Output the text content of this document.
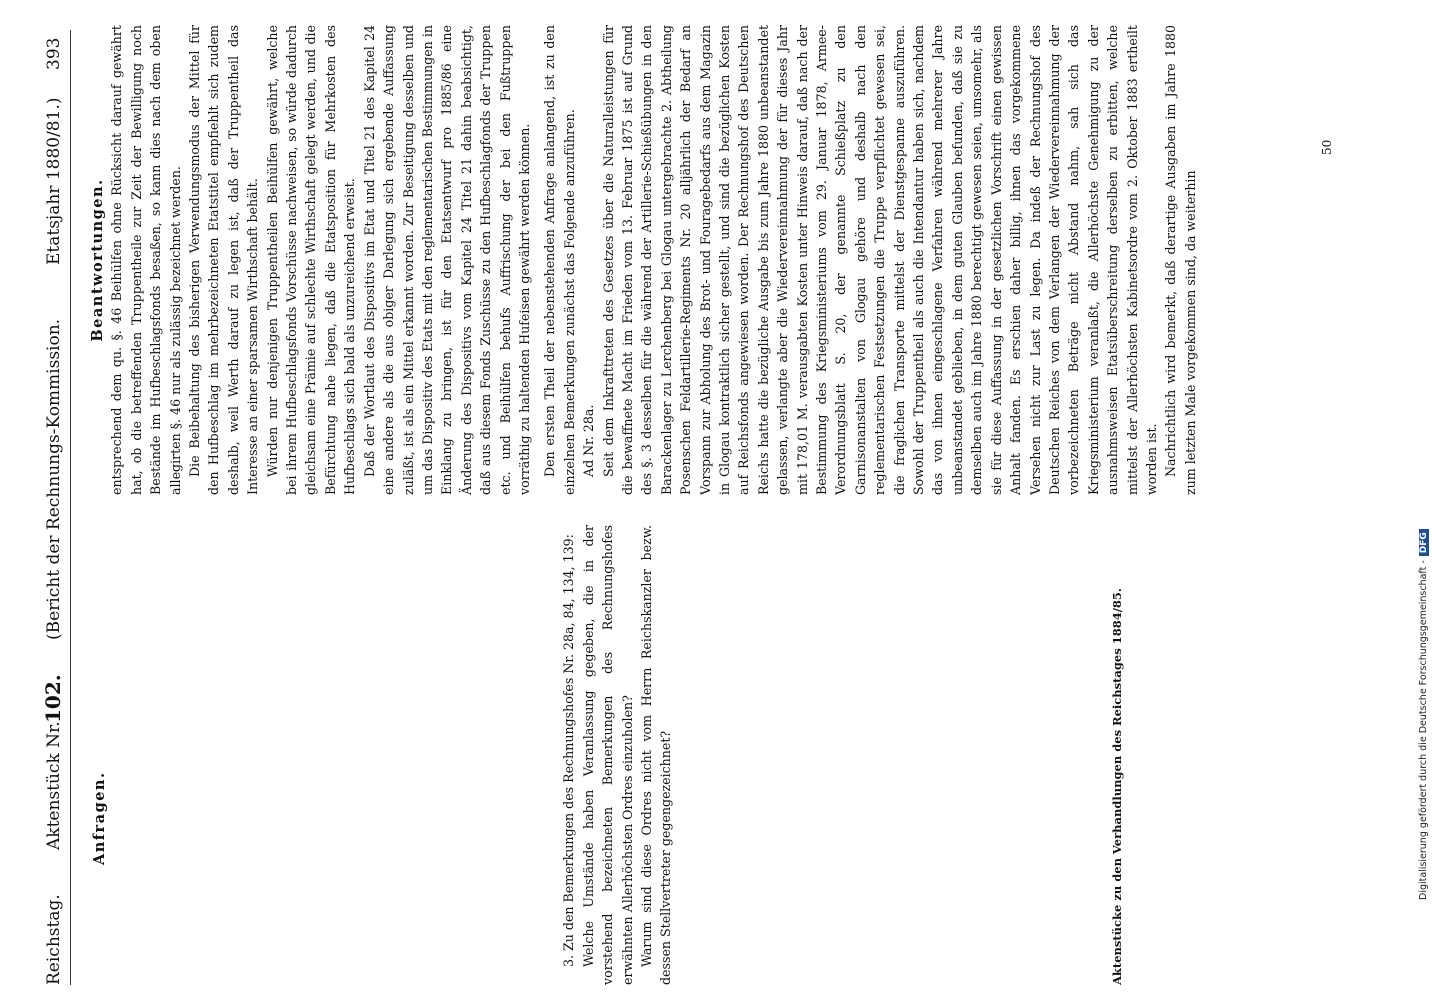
Digitalisierung gefördert durch die Deutsche Forschungsgemeinschaft -DFG
Reichstag.
Aktenstück Nr.
102.
(Bericht der Rechnungs-Kommission.
Etatsjahr 1880/81.)
393
Anfragen.

3. Zu den Bemerkungen des Rechnungshofes Nr. 28a, 84, 134, 139: Welche Umstände haben Veranlassung gegeben, die in der vorstehend bezeichneten Bemerkungen des Rechnungshofes erwähnten Allerhöchsten Ordres einzuholen? Warum sind diese Ordres nicht vom Herrn Reichskanzler bezw. dessen Stellvertreter gegengezeichnet?

Beantwortungen. entsprechend dem qu. §. 46 Beihülfen ohne Rücksicht darauf gewährt hat, ob die betreffenden Truppentheile zur Zeit der Bewilligung noch Bestände im Hufbeschlagsfonds besaßen, so kann dies nach dem oben allegirten §. 46 nur als zulässig bezeichnet werden. Die Beibehaltung des bisherigen Verwendungsmodus der Mittel für den Hufbeschlag im mehrbezeichneten Etatstitel empfiehlt sich zudem deshalb, weil Werth darauf zu legen ist, daß der Truppentheil das Interesse an einer sparsamen Wirthschaft behält. Würden nur denjenigen Truppentheilen Beihülfen gewährt, welche bei ihrem Hufbeschlagsfonds Vorschüsse nachweisen, so würde dadurch gleichsam eine Prämie auf schlechte Wirthschaft gelegt werden, und die Befürchtung nahe liegen, daß die Etatsposition für Mehrkosten des Hufbeschlags sich bald als unzureichend erweist. Daß der Wortlaut des Dispositivs im Etat und Titel 21 des Kapitel 24 eine andere als die aus obiger Darlegung sich ergebende Auffassung zuläßt, ist als ein Mittel erkannt worden. Zur Beseitigung desselben und um das Dispositiv des Etats mit den reglementarischen Bestimmungen in Einklang zu bringen, ist für den Etatsentwurf pro 1885/86 eine Änderung des Dispositivs vom Kapitel 24 Titel 21 dahin beabsichtigt, daß aus diesem Fonds Zuschüsse zu den Hufbeschlagfonds der Truppen etc. und Beihülfen behufs Auffrischung der bei den Fußtruppen vorräthig zu haltenden Hufeisen gewährt werden können. Den ersten Theil der nebenstehenden Anfrage anlangend, ist zu den einzelnen Bemerkungen zunächst das Folgende anzuführen. Ad Nr. 28a. Seit dem Inkrafttreten des Gesetzes über die Naturalleistungen für die bewaffnete Macht im Frieden vom 13. Februar 1875 ist auf Grund des §. 3 desselben für die während der Artillerie-Schießübungen in den Barackenlager zu Lerchenberg bei Glogau untergebrachte 2. Abtheilung Posenschen Feldartillerie-Regiments Nr. 20 alljährlich der Bedarf an Vorspann zur Abholung des Brot- und Fouragebedarfs aus dem Magazin in Glogau kontraktlich sicher gestellt, und sind die bezüglichen Kosten auf Reichsfonds angewiesen worden. Der Rechnungshof des Deutschen Reichs hatte die bezügliche Ausgabe bis zum Jahre 1880 unbeanstandet gelassen, verlangte aber die Wiedervereinnahmung der für dieses Jahr mit 178,01 M. verausgabten Kosten unter Hinweis darauf, daß nach der Bestimmung des Kriegsministeriums vom 29. Januar 1878, Armee-Verordnungsblatt S. 20, der genannte Schießplatz zu den Garnisonanstalten von Glogau gehöre und deshalb nach den reglementarischen Festsetzungen die Truppe verpflichtet gewesen sei, die fraglichen Transporte mittelst der Dienstgespanne auszuführen. Sowohl der Truppentheil als auch die Intendantur haben sich, nachdem das von ihnen eingeschlagene Verfahren während mehrerer Jahre unbeanstandet geblieben, in dem guten Glauben befunden, daß sie zu demselben auch im Jahre 1880 berechtigt gewesen seien, umsomehr, als sie für diese Auffassung in der gesetzlichen Vorschrift einen gewissen Anhalt fanden. Es erschien daher billig, ihnen das vorgekommene Versehen nicht zur Last zu legen. Da indeß der Rechnungshof des Deutschen Reiches von dem Verlangen der Wiedervereinnahmung der vorbezeichneten Beträge nicht Abstand nahm, sah sich das Kriegsministerium veranlaßt, die Allerhöchste Genehmigung zu der ausnahmsweisen Etatsüberschreitung derselben zu erbitten, welche mittelst der Allerhöchsten Kabinetsordre vom 2. Oktober 1883 ertheilt worden ist. Nachrichtlich wird bemerkt, daß derartige Ausgaben im Jahre 1880 zum letzten Male vorgekommen sind, da weiterhin

50
Aktenstücke zu den Verhandlungen des Reichstages 1884/85.
